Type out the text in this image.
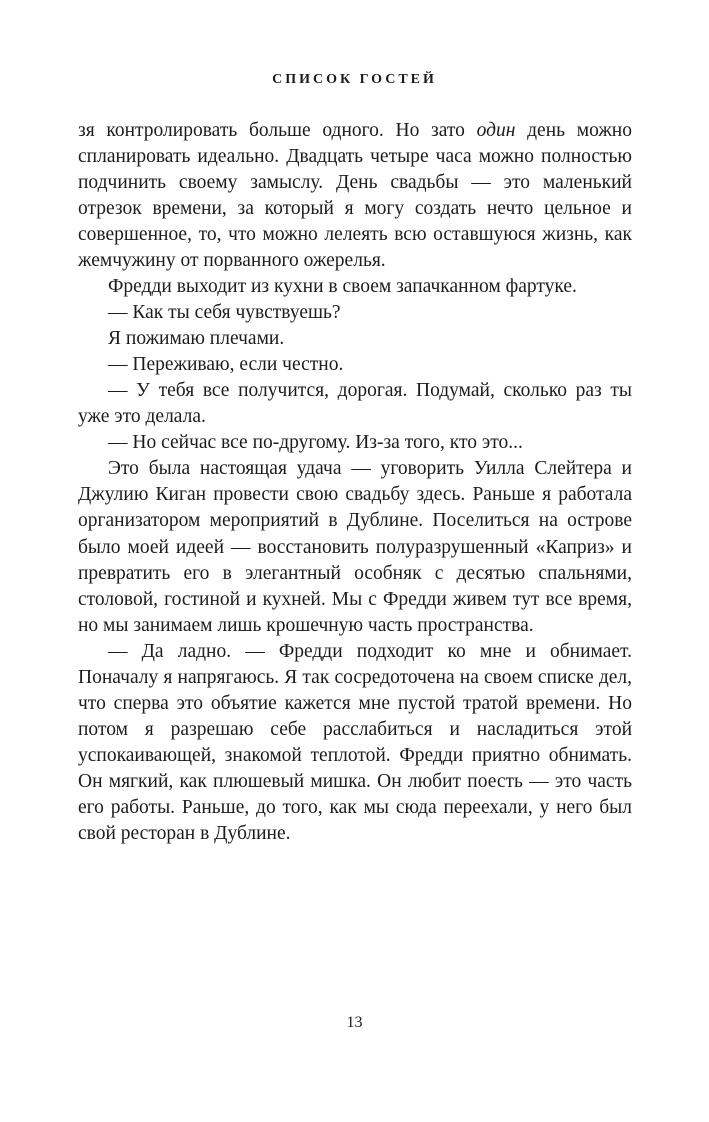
СПИСОК ГОСТЕЙ

зя контролировать больше одного. Но зато один день можно спланировать идеально. Двадцать четыре часа можно полностью подчинить своему замыслу. День свадьбы — это маленький отрезок времени, за который я могу создать нечто цельное и совершенное, то, что можно лелеять всю оставшуюся жизнь, как жемчужину от порванного ожерелья.

Фредди выходит из кухни в своем запачканном фартуке.

— Как ты себя чувствуешь?

Я пожимаю плечами.

— Переживаю, если честно.

— У тебя все получится, дорогая. Подумай, сколько раз ты уже это делала.

— Но сейчас все по-другому. Из-за того, кто это...

Это была настоящая удача — уговорить Уилла Слейтера и Джулию Киган провести свою свадьбу здесь. Раньше я работала организатором мероприятий в Дублине. Поселиться на острове было моей идеей — восстановить полуразрушенный «Каприз» и превратить его в элегантный особняк с десятью спальнями, столовой, гостиной и кухней. Мы с Фредди живем тут все время, но мы занимаем лишь крошечную часть пространства.

— Да ладно. — Фредди подходит ко мне и обнимает. Поначалу я напрягаюсь. Я так сосредоточена на своем списке дел, что сперва это объятие кажется мне пустой тратой времени. Но потом я разрешаю себе расслабиться и насладиться этой успокаивающей, знакомой теплотой. Фредди приятно обнимать. Он мягкий, как плюшевый мишка. Он любит поесть — это часть его работы. Раньше, до того, как мы сюда переехали, у него был свой ресторан в Дублине.

13
